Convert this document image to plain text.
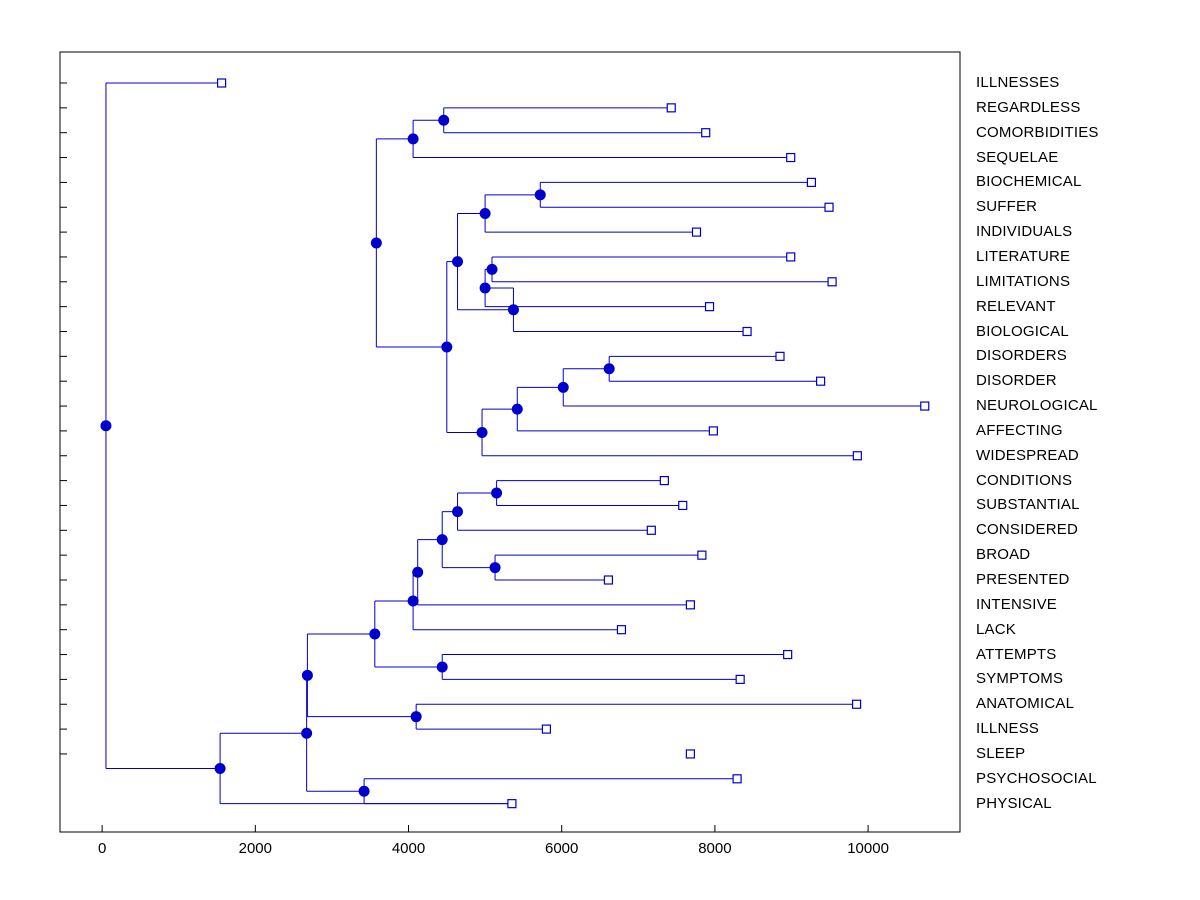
ILLNESSES
REGARDLESS
COMORBIDITIES
SEQUELAE
BIOCHEMICAL
SUFFER
INDIVIDUALS
LITERATURE
LIMITATIONS
RELEVANT
BIOLOGICAL
DISORDERS
DISORDER
NEUROLOGICAL
AFFECTING
WIDESPREAD
CONDITIONS
SUBSTANTIAL
CONSIDERED
BROAD
PRESENTED
INTENSIVE
LACK
ATTEMPTS
SYMPTOMS
ANATOMICAL
ILLNESS
SLEEP
PSYCHOSOCIAL
PHYSICAL
0	2000	4000	6000	8000	10000
